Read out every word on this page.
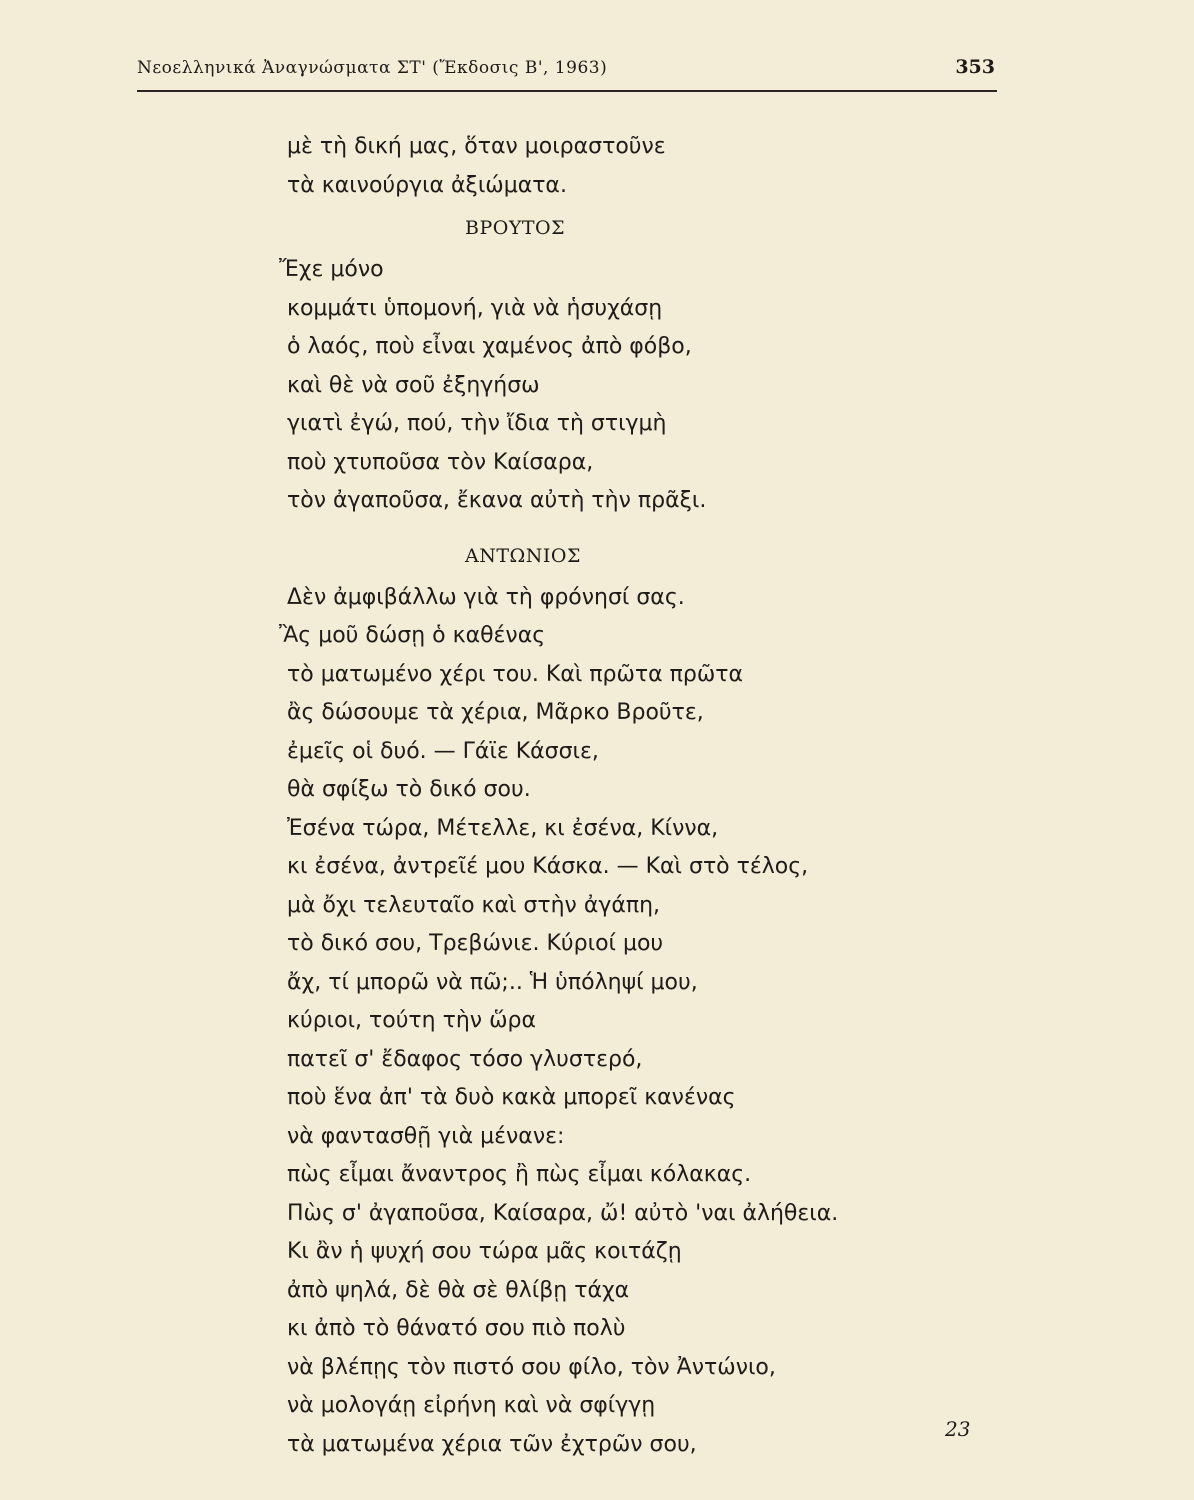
Νεοελληνικά Ἀναγνώσματα ΣΤ' (Ἔκδοσις Β', 1963)	353
μὲ τὴ δική μας, ὅταν μοιραστοῦνε
τὰ καινούργια ἀξιώματα.
ΒΡΟΥΤΟΣ
Ἔχε μόνο
κομμάτι ὑπομονή, γιὰ νὰ ἡσυχάσῃ
ὁ λαός, ποὺ εἶναι χαμένος ἀπὸ φόβο,
καὶ θὲ νὰ σοῦ ἐξηγήσω
γιατὶ ἐγώ, πού, τὴν ἴδια τὴ στιγμὴ
ποὺ χτυποῦσα τὸν Καίσαρα,
τὸν ἀγαποῦσα, ἔκανα αὐτὴ τὴν πρᾶξι.
ΑΝΤΩΝΙΟΣ
Δὲν ἀμφιβάλλω γιὰ τὴ φρόνησί σας.
Ἂς μοῦ δώσῃ ὁ καθένας
τὸ ματωμένο χέρι του. Καὶ πρῶτα πρῶτα
ἂς δώσουμε τὰ χέρια, Μᾶρκο Βροῦτε,
ἐμεῖς οἱ δυό. — Γάϊε Κάσσιε,
θὰ σφίξω τὸ δικό σου.
Ἐσένα τώρα, Μέτελλε, κι ἐσένα, Κίννα,
κι ἐσένα, ἀντρεῖέ μου Κάσκα. — Καὶ στὸ τέλος,
μὰ ὄχι τελευταῖο καὶ στὴν ἀγάπη,
τὸ δικό σου, Τρεβώνιε. Κύριοί μου
ἄχ, τί μπορῶ νὰ πῶ;.. Ἡ ὑπόληψί μου,
κύριοι, τούτη τὴν ὥρα
πατεῖ σ' ἔδαφος τόσο γλυστερό,
ποὺ ἕνα ἀπ' τὰ δυὸ κακὰ μπορεῖ κανένας
νὰ φαντασθῇ γιὰ μένανε:
πὼς εἶμαι ἄναντρος ἢ πὼς εἶμαι κόλακας.
Πὼς σ' ἀγαποῦσα, Καίσαρα, ὤ! αὐτὸ 'ναι ἀλήθεια.
Κι ἂν ἡ ψυχή σου τώρα μᾶς κοιτάζῃ
ἀπὸ ψηλά, δὲ θὰ σὲ θλίβῃ τάχα
κι ἀπὸ τὸ θάνατό σου πιὸ πολὺ
νὰ βλέπῃς τὸν πιστό σου φίλο, τὸν Ἀντώνιο,
νὰ μολογάῃ εἰρήνη καὶ νὰ σφίγγῃ
τὰ ματωμένα χέρια τῶν ἐχτρῶν σου,
23
